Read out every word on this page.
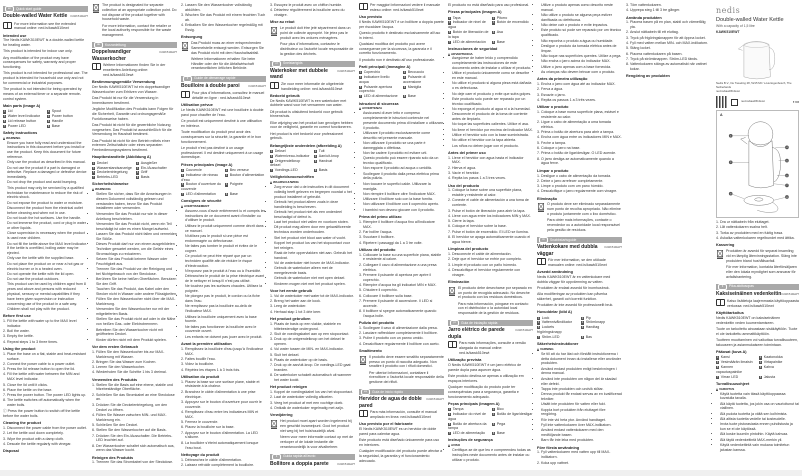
en	Quick start guide
Double-walled Water Kettle KAWK510EWT
For more information see the extended manual online: ned.is/kawk510ewt
Intended use

The Nedis KAWK510EWT is a double-walled kettle for heating water.

This product is intended for indoor use only.

Any modification of the product may have consequences for safety, warranty and proper functioning.

This product is not intended for professional use. The product is intended for household use only and not for commercial or industrial purposes.

The product is not intended for being operated by means of an external timer or a separate remote-control system.

Main parts (image A)
1 Lid	2 Spout
3 Water level indicator	4 Power button
5 Lid release button	6 Handle
7 Power LED	8 Base
Safety instructions
WARNING
• Ensure you have fully read and understood the instructions in this document before you install or use the product. Keep this document for future reference.
• Only use the product as described in this manual.
• Do not use the product if a part is damaged or defective. Replace a damaged or defective device immediately.
• Do not drop the product and avoid bumping.
• This product may only be serviced by a qualified technician for maintenance to reduce the risk of electric shock.
• Do not expose the product to water or moisture.
• Disconnect the product from the electrical outlet before cleaning and when not in use.
• Do not touch the hot surfaces. Use the handle.
• Do not immerse the product, cord or plug in water or other liquids.
• Close supervision is necessary when the product is used near children.
• Do not fill the kettle above the MAX level indicator. If the kettle is overfilled, boiling water may be ejected.
• Only use the kettle with the supplied base.
• Do not place the product on or near a hot gas or electric burner or in a heated oven.
• Do not operate the kettle with the lid open.
• Do not use the product outdoors.
• This product can be used by children aged from 8 years and above and persons with reduced physical, sensory or mental capabilities if they have been given supervision or instruction concerning use of the product in a safe way.
• Children shall not play with the product.
Before first use
1. Fill the kettle with water up to the MAX level indicator.
2. Boil the water.
3. Empty the kettle.
4. Repeat steps 1 to 3 three times.
Using the product
1. Place the base on a flat, stable and heat-resistant surface.
2. Connect the power cable to a power outlet.
3. Press the lid release button to open the lid.
4. Fill the kettle with water between the MIN and MAX level indicator.
5. Close the lid until it clicks.
6. Place the kettle on the base.
7. Press the power button. The power LED lights up.
8. The kettle switches off automatically when the water boils.

ⓘ Press the power button to switch off the kettle before the water boils.

Cleaning the product
1. Disconnect the power cable from the power outlet.
2. Let the kettle cool down completely.
3. Wipe the product with a damp cloth.
4. Descale the kettle regularly with vinegar.
Disposal

The product is designated for separate collection at an appropriate collection point. Do not dispose of the product together with household waste.

For more information, contact the retailer or the local authority responsible for the waste management.

de	Kurzanleitung
Doppelwandiger Wasserkocher
KAWK510EWT
Weitere Informationen finden Sie in der erweiterten Anleitung online: ned.is/kawk510ewt
Bestimmungsgemäße Verwendung

Der Nedis KAWK510EWT ist ein doppelwandiger Wasserkocher zum Erhitzen von Wasser.

Das Produkt ist nur für die Verwendung in Innenräumen bestimmt.

Jegliche Modifikation des Produkts kann Folgen für die Sicherheit, Garantie und ordnungsgemäße Funktionsweise haben.

Das Produkt ist nicht für die gewerbliche Nutzung vorgesehen. Das Produkt ist ausschließlich für die Verwendung im Haushalt bestimmt.

Das Produkt ist nicht für den Betrieb mittels einer externen Zeitschaltuhr oder eines separaten Fernbedienungssystems bestimmt.

Hauptbestandteile (Abbildung A)
1 Deckel	2 Ausgießer
3 Wasserstandsanzeige	4 Ein-/Ausschalter
5 Deckelentriegelung	6 Griff
7 Betriebs-LED	8 Basis
Sicherheitshinweise
WARNUNG
• Stellen Sie sicher, dass Sie die Anweisungen in diesem Dokument vollständig gelesen und verstanden haben, bevor Sie das Produkt installieren oder verwenden.
• Verwenden Sie das Produkt nur wie in dieser Anleitung beschrieben.
• Verwenden Sie das Produkt nicht, wenn ein Teil beschädigt ist oder es einen Mangel aufweist.
• Lassen Sie das Produkt nicht fallen und vermeiden Sie Stöße.
• Dieses Produkt darf nur von einem ausgebildeten Techniker gewartet werden, um die Gefahr eines Stromschlags zu reduzieren.
• Setzen Sie das Produkt keinem Wasser oder Feuchtigkeit aus.
• Trennen Sie das Produkt vor der Reinigung und bei Nichtgebrauch von der Steckdose.
• Berühren Sie keine heißen Oberflächen. Benutzen Sie den Griff.
• Tauchen Sie das Produkt, das Kabel oder den Stecker nicht in Wasser oder andere Flüssigkeiten.
• Füllen Sie den Wasserkocher nicht über die MAX-Markierung.
• Verwenden Sie den Wasserkocher nur mit der mitgelieferten Basis.
• Stellen Sie das Produkt nicht auf oder in die Nähe von heißen Gas- oder Elektrobrennern.
• Betreiben Sie den Wasserkocher nicht mit geöffnetem Deckel.
• Kinder dürfen nicht mit dem Produkt spielen.
Vor dem ersten Gebrauch
1. Füllen Sie den Wasserkocher bis zur MAX-Markierung mit Wasser.
2. Bringen Sie das Wasser zum Kochen.
3. Leeren Sie den Wasserkocher.
4. Wiederholen Sie die Schritte 1 bis 3 dreimal.
Verwenden des Produkts
1. Stellen Sie die Basis auf eine ebene, stabile und hitzebeständige Oberfläche.
2. Schließen Sie das Stromkabel an eine Steckdose an.
3. Drücken Sie die Deckelentriegelung, um den Deckel zu öffnen.
4. Füllen Sie Wasser zwischen MIN- und MAX-Markierung ein.
5. Schließen Sie den Deckel.
6. Stellen Sie den Wasserkocher auf die Basis.
7. Drücken Sie den Ein-/Ausschalter. Die Betriebs-LED leuchtet auf.
8. Der Wasserkocher schaltet sich automatisch aus, wenn das Wasser kocht.
Reinigen des Produkts
1. Trennen Sie das Stromkabel von der Steckdose.
2. Lassen Sie den Wasserkocher vollständig abkühlen.
3. Wischen Sie das Produkt mit einem feuchten Tuch ab.
4. Entkalken Sie den Wasserkocher regelmäßig mit Essig.
Entsorgung

Das Produkt muss an einer entsprechenden Sammelstelle entsorgt werden. Entsorgen Sie das Produkt nicht mit dem Haushaltsabfall.

Weitere Informationen erhalten Sie beim Händler oder der für die Abfallwirtschaft verantwortlichen örtlichen Behörde.

fr	Guide de démarrage rapide
Bouilloire à double paroi	KAWK510EWT
Pour plus d’informations, consultez le manuel détaillé en ligne : ned.is/kawk510ewt
Utilisation prévue

Le Nedis KAWK510EWT est une bouilloire à double paroi pour chauffer de l’eau.

Ce produit est uniquement destiné à une utilisation en intérieur.

Toute modification du produit peut avoir des conséquences sur la sécurité, la garantie et le bon fonctionnement.

Le produit n’est pas destiné à un usage professionnel. Il est destiné uniquement à un usage domestique.

Pièces principales (image A)
1 Couvercle	2 Bec verseur
3 Indicateur de niveau d’eau
4 Bouton d’alimentation
5 Bouton d’ouverture du couvercle
6 Poignée
7 LED d’alimentation	8 Base
Consignes de sécurité
AVERTISSEMENT
• Assurez-vous d’avoir entièrement lu et compris les instructions de ce document avant d’installer ou d’utiliser le produit.
• Utilisez le produit uniquement comme décrit dans ce manuel.
• N’utilisez pas le produit si une pièce est endommagée ou défectueuse.
• Ne faites pas tomber le produit et évitez de le cogner.
• Ce produit ne peut être réparé que par un technicien qualifié afin de réduire le risque d’électrocution.
• N’exposez pas le produit à l’eau ou à l’humidité.
• Débranchez le produit de la prise électrique avant de le nettoyer et lorsqu’il n’est pas utilisé.
• Ne touchez pas les surfaces chaudes. Utilisez la poignée.
• Ne plongez pas le produit, le cordon ou la fiche dans l’eau.
• Ne remplissez pas la bouilloire au-delà de l’indicateur MAX.
• Utilisez la bouilloire uniquement avec la base fournie.
• Ne faites pas fonctionner la bouilloire avec le couvercle ouvert.
• Les enfants ne doivent pas jouer avec le produit.
Avant la première utilisation
1. Remplissez la bouilloire d’eau jusqu’à l’indicateur MAX.
2. Faites bouillir l’eau.
3. Videz la bouilloire.
4. Répétez les étapes 1 à 3 trois fois.
Utilisation du produit
1. Placez la base sur une surface plane, stable et résistante à la chaleur.
2. Branchez le câble d’alimentation à une prise électrique.
3. Appuyez sur le bouton d’ouverture pour ouvrir le couvercle.
4. Remplissez d’eau entre les indicateurs MIN et MAX.
5. Fermez le couvercle.
6. Placez la bouilloire sur la base.
7. Appuyez sur le bouton d’alimentation. La LED s’allume.
8. La bouilloire s’éteint automatiquement lorsque l’eau bout.
Nettoyage du produit
1. Débranchez le câble d’alimentation.
2. Laissez refroidir complètement la bouilloire.
3. Essuyez le produit avec un chiffon humide.
4. Détartrez régulièrement la bouilloire avec du vinaigre.
Mise au rebut

Le produit doit être jeté séparément dans un point de collecte approprié. Ne jetez pas le produit avec les ordures ménagères.

Pour plus d’informations, contactez le distributeur ou l’autorité locale responsable de la gestion des déchets.

nl	Snelstartgids
Waterkoker met dubbele wand
KAWK510EWT
Zie voor meer informatie de uitgebreide handleiding online: ned.is/kawk510ewt
Bedoeld gebruik

De Nedis KAWK510EWT is een waterkoker met dubbele wand voor het verwarmen van water.

Dit product is uitsluitend bedoeld voor gebruik binnenshuis.

Elke wijziging van het product kan gevolgen hebben voor de veiligheid, garantie en correct functioneren.

Het product is niet bedoeld voor professioneel gebruik.

Belangrijkste onderdelen (afbeelding A)
1 Deksel	2 Tuit
3 Waterniveau-indicator	4 Aan/uit-knop
5 Ontgrendelknop deksel
6 Handvat
7 Voedings-LED	8 Basis
Veiligheidsvoorschriften
WAARSCHUWING
• Zorg ervoor dat u de instructies in dit document volledig heeft gelezen en begrepen voordat u het product installeert of gebruikt.
• Gebruik het product alleen zoals in deze handleiding is beschreven.
• Gebruik het product niet als een onderdeel beschadigd of defect is.
• Laat het product niet vallen en voorkom stoten.
• Dit product mag alleen door een gekwalificeerde technicus worden onderhouden.
• Stel het product niet bloot aan water of vocht.
• Koppel het product los van het stopcontact voor het reinigen.
• Raak de hete oppervlakken niet aan. Gebruik het handvat.
• Vul de waterkoker niet boven de MAX-indicator.
• Gebruik de waterkoker alleen met de meegeleverde basis.
• Gebruik de waterkoker niet met open deksel.
• Kinderen mogen niet met het product spelen.
Voor het eerste gebruik
1. Vul de waterkoker met water tot de MAX-indicator.
2. Breng het water aan de kook.
3. Leeg de waterkoker.
4. Herhaal stap 1 tot 3 drie keer.
Het product gebruiken
1. Plaats de basis op een vlakke, stabiele en hittebestendige ondergrond.
2. Sluit de voedingskabel aan op een stopcontact.
3. Druk op de ontgrendelknop om het deksel te openen.
4. Vul water tussen de MIN- en MAX-indicator.
5. Sluit het deksel.
6. Plaats de waterkoker op de basis.
7. Druk op de aan/uit-knop. De voedings-LED gaat branden.
8. De waterkoker schakelt automatisch uit wanneer het water kookt.
Het product reinigen
1. Koppel de voedingskabel los van het stopcontact.
2. Laat de waterkoker volledig afkoelen.
3. Veeg het product af met een vochtige doek.
4. Ontkalk de waterkoker regelmatig met azijn.
Verwijdering

Het product moet apart worden ingeleverd bij een geschikt inzamelpunt. Gooi het product niet weg bij het huishoudelijk afval.

Neem voor meer informatie contact op met de verkoper of de lokale instantie die verantwoordelijk is voor afvalbeheer.

it	Guida rapida all’avvio
Bollitore a doppia parete	KAWK510EWT
Per maggiori informazioni vedere il manuale esteso online: ned.is/kawk510ewt
Uso previsto

Il Nedis KAWK510EWT è un bollitore a doppia parete per riscaldare l’acqua.

Questo prodotto è destinato esclusivamente all’uso in interni.

Qualsiasi modifica del prodotto può avere conseguenze per la sicurezza, la garanzia e il corretto funzionamento.

Il prodotto non è destinato all’uso professionale.

Parti principali (immagine A)
1 Coperchio	2 Beccuccio
3 Indicatore livello acqua
4 Pulsante di accensione
5 Pulsante apertura coperchio
6 Maniglia
7 LED di alimentazione	8 Base
Istruzioni di sicurezza
AVVERTENZA
• Assicurarsi di aver letto e compreso completamente le istruzioni contenute nel presente documento prima di installare o utilizzare il prodotto.
• Utilizzare il prodotto esclusivamente come descritto nel presente manuale.
• Non utilizzare il prodotto se una parte è danneggiata o difettosa.
• Non far cadere il prodotto ed evitare urti.
• Questo prodotto può essere riparato solo da un tecnico qualificato.
• Non esporre il prodotto ad acqua o umidità.
• Scollegare il prodotto dalla presa elettrica prima della pulizia.
• Non toccare le superfici calde. Utilizzare la maniglia.
• Non riempire il bollitore oltre l’indicatore MAX.
• Utilizzare il bollitore solo con la base fornita.
• Non utilizzare il bollitore con il coperchio aperto.
• I bambini non devono giocare con il prodotto.
Prima del primo utilizzo
1. Riempire il bollitore d’acqua fino all’indicatore MAX.
2. Far bollire l’acqua.
3. Svuotare il bollitore.
4. Ripetere i passaggi da 1 a 3 tre volte.
Utilizzo del prodotto
1. Collocare la base su una superficie piana, stabile e resistente al calore.
2. Collegare il cavo di alimentazione a una presa elettrica.
3. Premere il pulsante di apertura per aprire il coperchio.
4. Riempire d’acqua tra gli indicatori MIN e MAX.
5. Chiudere il coperchio.
6. Collocare il bollitore sulla base.
7. Premere il pulsante di accensione. Il LED si accende.
8. Il bollitore si spegne automaticamente quando l’acqua bolle.
Pulizia del prodotto
1. Scollegare il cavo di alimentazione dalla presa.
2. Lasciare raffreddare completamente il bollitore.
3. Pulire il prodotto con un panno umido.
4. Decalcificare regolarmente il bollitore con aceto.
Smaltimento

Il prodotto deve essere smaltito separatamente presso un punto di raccolta adeguato. Non smaltire il prodotto con i rifiuti domestici.

Per ulteriori informazioni, contattare il rivenditore o l’autorità locale responsabile della gestione dei rifiuti.

es	Guía de inicio rápido
Hervidor de agua de doble pared
KAWK510EWT
Para más información, consulte el manual ampliado en línea: ned.is/kawk510ewt
Uso previsto por el fabricante

El Nedis KAWK510EWT es un hervidor de doble pared para calentar agua.

Este producto está diseñado únicamente para uso en interiores.

Cualquier modificación del producto puede afectar a la seguridad, la garantía y el funcionamiento adecuado.

El producto no está diseñado para uso profesional.

Piezas principales (imagen A)
1 Tapa	2 Pitorro
3 Indicador de nivel de agua
4 Botón de encendido
5 Botón de liberación de la tapa
6 Asa
7 LED de alimentación	8 Base
Instrucciones de seguridad
ADVERTENCIA
• Asegúrese de haber leído y comprendido completamente las instrucciones de este documento antes de instalar o utilizar el producto.
• Utilice el producto únicamente como se describe en este manual.
• No utilice el producto si alguna pieza está dañada o es defectuosa.
• No deje caer el producto y evite que sufra golpes.
• Este producto solo puede ser reparado por un técnico cualificado.
• No exponga el producto al agua ni a la humedad.
• Desconecte el producto de la toma de corriente antes de limpiarlo.
• No toque las superficies calientes. Utilice el asa.
• No llene el hervidor por encima del indicador MAX.
• Utilice el hervidor solo con la base suministrada.
• No utilice el hervidor con la tapa abierta.
• Los niños no deben jugar con el producto.
Antes del primer uso
1. Llene el hervidor con agua hasta el indicador MAX.
2. Hierva el agua.
3. Vacíe el hervidor.
4. Repita los pasos 1 a 3 tres veces.
Uso del producto
1. Coloque la base sobre una superficie plana, estable y resistente al calor.
2. Conecte el cable de alimentación a una toma de corriente.
3. Pulse el botón de liberación para abrir la tapa.
4. Llene con agua entre los indicadores MIN y MAX.
5. Cierre la tapa.
6. Coloque el hervidor sobre la base.
7. Pulse el botón de encendido. El LED se ilumina.
8. El hervidor se apaga automáticamente cuando el agua hierve.
Limpieza del producto
1. Desconecte el cable de alimentación.
2. Deje que el hervidor se enfríe por completo.
3. Limpie el producto con un paño húmedo.
4. Descalcifique el hervidor regularmente con vinagre.
Eliminación

El producto debe desecharse por separado en un punto de recogida adecuado. No deseche el producto con los residuos domésticos.

Para más información, póngase en contacto con el distribuidor o la autoridad local responsable de la gestión de residuos.

pt	Guia de iniciação rápida
Jarro elétrico de parede dupla
KAWK510EWT
Para mais informações, consulte a versão alargada do manual online: ned.is/kawk510ewt
Utilização prevista

O Nedis KAWK510EWT é um jarro elétrico de parede dupla para aquecer água.

Este produto destina-se apenas a utilização em espaços interiores.

Qualquer modificação do produto pode ter consequências para a segurança, garantia e funcionamento adequado.

Peças principais (imagem A)
1 Tampa	2 Bico
3 Indicador do nível de água
4 Botão de ligar/desligar
5 Botão de abertura da tampa
6 Pega
7 LED de alimentação	8 Base
Instruções de segurança
AVISO
• Certifique-se de que leu e compreendeu todas as instruções neste documento antes de instalar ou utilizar o produto.
• Utilize o produto apenas como descrito neste manual.
• Não utilize o produto se alguma peça estiver danificada ou defeituosa.
• Não deixe cair o produto e evite impactos.
• Este produto só pode ser reparado por um técnico qualificado.
• Não exponha o produto a água ou humidade.
• Desligue o produto da tomada elétrica antes de limpar.
• Não toque nas superfícies quentes. Utilize a pega.
• Não encha o jarro acima do indicador MAX.
• Utilize o jarro apenas com a base fornecida.
• As crianças não devem brincar com o produto.
Antes da primeira utilização
1. Encha o jarro com água até ao indicador MAX.
2. Ferva a água.
3. Esvazie o jarro.
4. Repita os passos 1 a 3 três vezes.
Utilizar o produto
1. Coloque a base numa superfície plana, estável e resistente ao calor.
2. Ligue o cabo de alimentação a uma tomada elétrica.
3. Prima o botão de abertura para abrir a tampa.
4. Encha com água entre os indicadores MIN e MAX.
5. Feche a tampa.
6. Coloque o jarro na base.
7. Prima o botão de ligar/desligar. O LED acende.
8. O jarro desliga-se automaticamente quando a água ferve.
Limpar o produto
1. Desligue o cabo de alimentação da tomada.
2. Deixe o jarro arrefecer completamente.
3. Limpe o produto com um pano húmido.
4. Descalcifique o jarro regularmente com vinagre.
Eliminação

O produto deve ser eliminado separadamente num ponto de recolha apropriado. Não elimine o produto juntamente com o lixo doméstico.

Para obter mais informações, contacte o revendedor ou a autoridade local responsável pela gestão de resíduos.

sv	Snabbstartsguide
Vattenkokare med dubbla väggar
KAWK510EWT
För mer information, se den utökade manualen online: ned.is/kawk510ewt
Avsedd användning

Nedis KAWK510EWT är en vattenkokare med dubbla väggar för uppvärmning av vatten.

Produkten är endast avsedd för inomhusbruk.

Alla modifieringar av produkten kan påverka säkerhet, garanti och korrekt funktion.

Produkten är inte avsedd för professionellt bruk.

Huvuddelar (bild A)
1 Lock	2 Pip
3 Vattennivåindikator	4 Strömknapp
5 Lockets frigöringsknapp
6 Handtag
7 Ström-LED	8 Bas
Säkerhetsinstruktioner
VARNING
• Se till att du har läst och förstått instruktionerna i detta dokument innan du installerar eller använder produkten.
• Använd endast produkten enligt beskrivningen i denna manual.
• Använd inte produkten om någon del är skadad eller defekt.
• Tappa inte produkten och undvik stötar.
• Denna produkt får endast servas av en kvalificerad tekniker.
• Utsätt inte produkten för vatten eller fukt.
• Koppla bort produkten från eluttaget före rengöring.
• Rör inte vid heta ytor. Använd handtaget.
• Fyll inte vattenkokaren över MAX-indikatorn.
• Använd endast vattenkokaren med den medföljande basen.
• Barn får inte leka med produkten.
Före första användning
1. Fyll vattenkokaren med vatten upp till MAX-indikatorn.
2. Koka upp vattnet.
3. Töm vattenkokaren.
4. Upprepa steg 1 till 3 tre gånger.
Använda produkten
1. Placera basen på en plan, stabil och värmetålig yta.
2. Anslut nätkabeln till ett eluttag.
3. Tryck på frigöringsknappen för att öppna locket.
4. Fyll med vatten mellan MIN- och MAX-indikatorn.
5. Stäng locket.
6. Placera vattenkokaren på basen.
7. Tryck på strömknappen. Ström-LED tänds.
8. Vattenkokaren stängs av automatiskt när vattnet kokar.
Rengöring av produkten
nedis
Double-walled Water Kettle
With a capacity of 1,5 litre
KAWK510EWT
Nedis B.V., De Tweeling 28, 5215 MC ’s-Hertogenbosch, The Netherlands
ned.is/kawk510ewt
ned.is/kawk510ewt	◐▭
A
1
2
3
4
5
6
7
8
1. Dra ur nätkabeln från eluttaget.
2. Låt vattenkokaren svalna helt.
3. Torka av produkten med en fuktig trasa.
4. Avkalka vattenkokaren regelbundet med ättika.
Kassering

Produkten är avsedd för separat insamling vid en lämplig återvinningsstation. Släng inte produkten bland hushållsavfall.

För mer information, kontakta återförsäljaren eller den lokala myndighet som ansvarar för avfallshantering.

fi	Pika-aloitusopas
Kaksiseinäinen vedenkeitin KAWK510EWT
Katso lisätietoja laajemmasta käyttöoppaasta verkossa: ned.is/kawk510ewt
Käyttötarkoitus

Nedis KAWK510EWT on kaksiseinäinen vedenkeitin veden kuumentamiseen.

Tuote on tarkoitettu ainoastaan sisäkäyttöön. Tuote ei ole tarkoitettu ammattikäyttöön.

Tuotteen muuttaminen voi vaikuttaa turvallisuuteen, takuuseen ja asianmukaiseen toimintaan.

Pääosat (kuva A)
1 Kansi	2 Kaatonokka
3 Vesimäärän ilmaisin	4 Virtapainike
5 Kannen vapautuspainike
6 Kahva
7 Virran LED	8 Jalusta
Turvallisuusohjeet
VAROITUS
• Käytä tuotetta vain tässä käyttöoppaassa kuvatulla tavalla.
• Älä käytä tuotetta, jos jokin osa on vaurioitunut tai viallinen.
• Älä pudota tuotetta ja vältä sen kolhimista.
• Älä altista tuotetta vedelle tai kosteudelle.
• Irrota tuote pistorasiasta ennen puhdistusta ja kun se ei ole käytössä.
• Älä koske kuumiin pintoihin. Käytä kahvaa.
• Älä täytä vedenkeitintä MAX-merkin yli.
• Käytä vedenkeitintä vain mukana toimitetun jalustan kanssa.
